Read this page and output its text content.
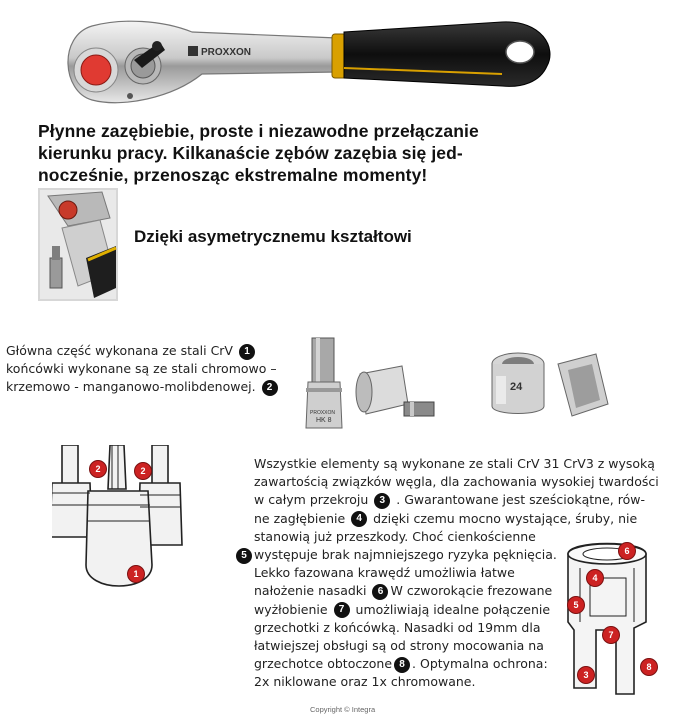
PROXXON
Płynne zazębiebie, proste i niezawodne przełączanie
kierunku pracy. Kilkanaście zębów zazębia się jed-
nocześnie, przenosząc ekstremalne momenty!
Dzięki asymetrycznemu kształtowi
Główna część wykonana ze stali CrV 1
końcówki wykonane są ze stali chromowo –
krzemowo - manganowo-molibdenowej. 2
PROXXON
HK 8
24
2	2
1
Wszystkie elementy są wykonane ze stali CrV 31 CrV3 z wysoką
zawartością związków węgla, dla zachowania wysokiej twardości
w całym przekroju 3 . Gwarantowane jest sześciokątne, rów-
ne zagłębienie 4 dzięki czemu mocno wystające, śruby, nie
stanowią już przeszkody. Choć cienkościenne
5 występuje brak najmniejszego ryzyka pęknięcia.
Lekko fazowana krawędź umożliwia łatwe
nałożenie nasadki 6 W czworokącie frezowane
wyżłobienie 7 umożliwiają idealne połączenie
grzechotki z końcówką. Nasadki od 19mm dla
łatwiejszej obsługi są od strony mocowania na
grzechotce obtoczone 8 . Optymalna ochrona:
2x niklowane oraz 1x chromowane.
6
4
5
7
3
8
Copyright © Integra
